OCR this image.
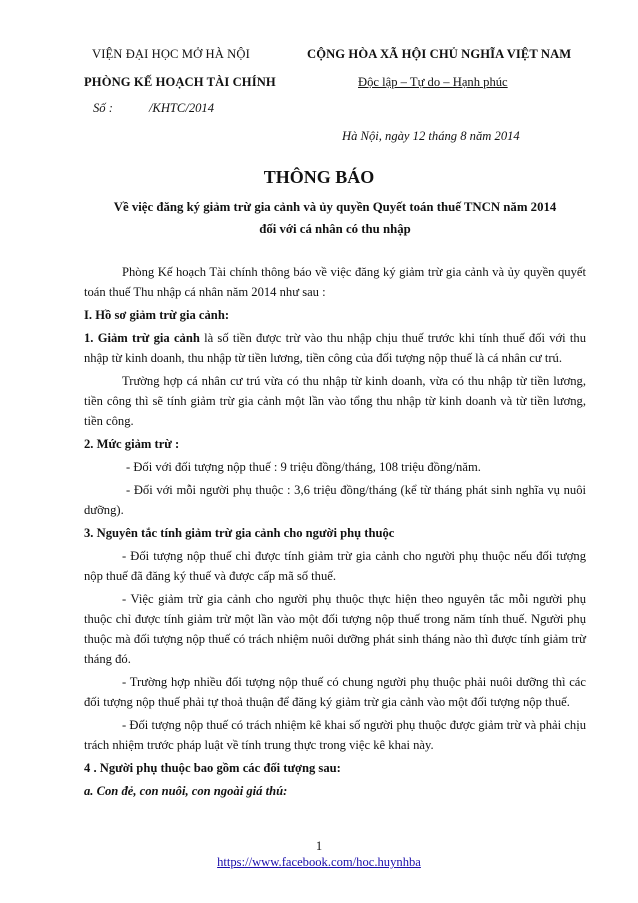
VIỆN ĐẠI HỌC MỞ HÀ NỘI	CỘNG HÒA XÃ HỘI CHỦ NGHĨA VIỆT NAM
PHÒNG KẾ HOẠCH TÀI CHÍNH	Độc lập – Tự do – Hạnh phúc
Số :	/KHTC/2014
Hà Nội, ngày 12 tháng 8 năm 2014
THÔNG BÁO
Về việc đăng ký giảm trừ gia cảnh và ủy quyền Quyết toán thuế TNCN năm 2014
đối với cá nhân có thu nhập

Phòng Kế hoạch Tài chính thông báo về việc đăng ký giảm trừ gia cảnh và ủy quyền quyết toán thuế Thu nhập cá nhân năm 2014 như sau :

I. Hồ sơ giảm trừ gia cảnh:

1. Giảm trừ gia cảnh là số tiền được trừ vào thu nhập chịu thuế trước khi tính thuế đối với thu nhập từ kinh doanh, thu nhập từ tiền lương, tiền công của đối tượng nộp thuế là cá nhân cư trú.

Trường hợp cá nhân cư trú vừa có thu nhập từ kinh doanh, vừa có thu nhập từ tiền lương, tiền công thì sẽ tính giảm trừ gia cảnh một lần vào tổng thu nhập từ kinh doanh và từ tiền lương, tiền công.

2. Mức giảm trừ :

- Đối với đối tượng nộp thuế : 9 triệu đồng/tháng, 108 triệu đồng/năm.

- Đối với mỗi người phụ thuộc : 3,6 triệu đồng/tháng (kể từ tháng phát sinh nghĩa vụ nuôi dưỡng).

3. Nguyên tắc tính giảm trừ gia cảnh cho người phụ thuộc

- Đối tượng nộp thuế chỉ được tính giảm trừ gia cảnh cho người phụ thuộc nếu đối tượng nộp thuế đã đăng ký thuế và được cấp mã số thuế.

- Việc giảm trừ gia cảnh cho người phụ thuộc thực hiện theo nguyên tắc mỗi người phụ thuộc chỉ được tính giảm trừ một lần vào một đối tượng nộp thuế trong năm tính thuế. Người phụ thuộc mà đối tượng nộp thuế có trách nhiệm nuôi dưỡng phát sinh tháng nào thì được tính giảm trừ tháng đó.

- Trường hợp nhiều đối tượng nộp thuế có chung người phụ thuộc phải nuôi dưỡng thì các đối tượng nộp thuế phải tự thoả thuận để đăng ký giảm trừ gia cảnh vào một đối tượng nộp thuế.

- Đối tượng nộp thuế có trách nhiệm kê khai số người phụ thuộc được giảm trừ và phải chịu trách nhiệm trước pháp luật về tính trung thực trong việc kê khai này.

4 . Người phụ thuộc bao gồm các đối tượng sau:

a. Con đẻ, con nuôi, con ngoài giá thú:

1
https://www.facebook.com/hoc.huynhba
